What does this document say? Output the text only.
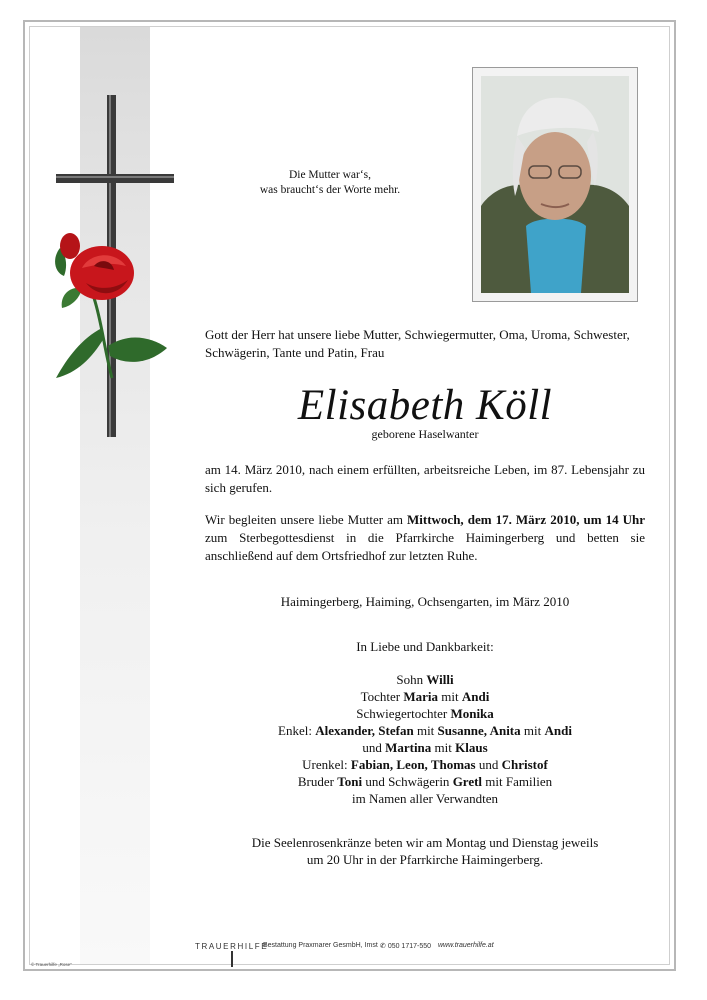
Die Mutter war‘s,
was braucht‘s der Worte mehr.
Gott der Herr hat unsere liebe Mutter, Schwiegermutter, Oma, Uroma, Schwester, Schwägerin, Tante und Patin, Frau
Elisabeth Köll
geborene Haselwanter
am 14. März 2010, nach einem erfüllten, arbeitsreiche Leben, im 87. Lebensjahr zu sich gerufen.
Wir begleiten unsere liebe Mutter am Mittwoch, dem 17. März 2010, um 14 Uhr zum Sterbegottesdienst in die Pfarrkirche Haimingerberg und betten sie anschließend auf dem Ortsfriedhof zur letzten Ruhe.
Haimingerberg, Haiming, Ochsengarten, im März 2010
In Liebe und Dankbarkeit:
Sohn Willi
Tochter Maria mit Andi
Schwiegertochter Monika
Enkel: Alexander, Stefan mit Susanne, Anita mit Andi
und Martina mit Klaus
Urenkel: Fabian, Leon, Thomas und Christof
Bruder Toni und Schwägerin Gretl mit Familien
im Namen aller Verwandten
Die Seelenrosenkränze beten wir am Montag und Dienstag jeweils
um 20 Uhr in der Pfarrkirche Haimingerberg.
TRAUERHILFE
Bestattung Praxmarer GesmbH, Imst ✆ 050 1717-550 www.trauerhilfe.at
© Trauerhilfe „Rose“
